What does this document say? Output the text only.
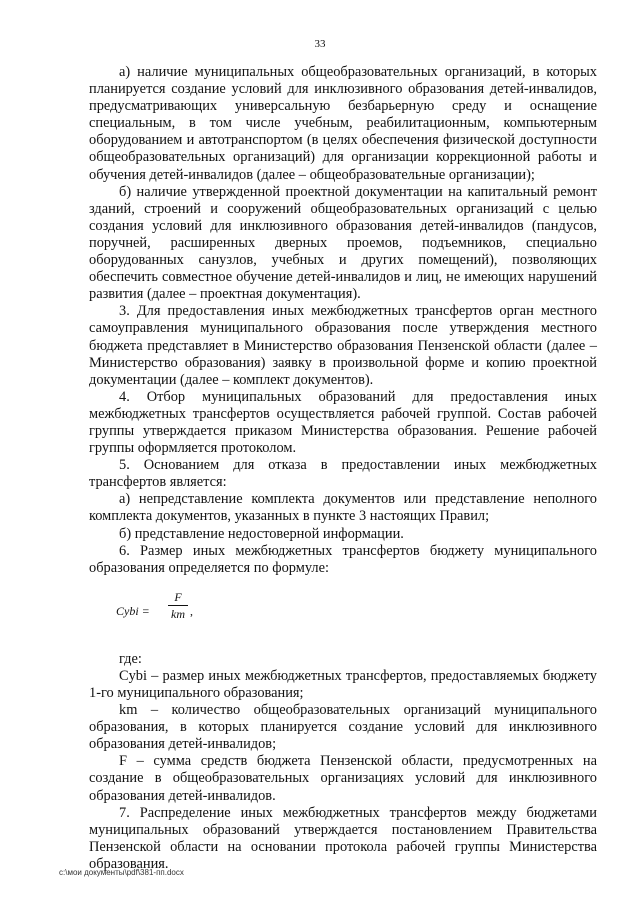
33

а) наличие муниципальных общеобразовательных организаций, в которых планируется создание условий для инклюзивного образования детей-инвалидов, предусматривающих универсальную безбарьерную среду и оснащение специальным, в том числе учебным, реабилитационным, компьютерным оборудованием и автотранспортом (в целях обеспечения физической доступности общеобразовательных организаций) для организации коррекционной работы и обучения детей-инвалидов (далее – общеобразовательные организации);

б) наличие утвержденной проектной документации на капитальный ремонт зданий, строений и сооружений общеобразовательных организаций с целью создания условий для инклюзивного образования детей-инвалидов (пандусов, поручней, расширенных дверных проемов, подъемников, специально оборудованных санузлов, учебных и других помещений), позволяющих обеспечить совместное обучение детей-инвалидов и лиц, не имеющих нарушений развития (далее – проектная документация).

3. Для предоставления иных межбюджетных трансфертов орган местного самоуправления муниципального образования после утверждения местного бюджета представляет в Министерство образования Пензенской области (далее – Министерство образования) заявку в произвольной форме и копию проектной документации (далее – комплект документов).

4. Отбор муниципальных образований для предоставления иных межбюджетных трансфертов осуществляется рабочей группой. Состав рабочей группы утверждается приказом Министерства образования. Решение рабочей группы оформляется протоколом.

5. Основанием для отказа в предоставлении иных межбюджетных трансфертов является:

а) непредставление комплекта документов или представление неполного комплекта документов, указанных в пункте 3 настоящих Правил;

б) представление недостоверной информации.

6. Размер иных межбюджетных трансфертов бюджету муниципального образования определяется по формуле:

Cybi =
F
km ,

где:

Cybi – размер иных межбюджетных трансфертов, предоставляемых бюджету 1-го муниципального образования;

km – количество общеобразовательных организаций муниципального образования, в которых планируется создание условий для инклюзивного образования детей-инвалидов;

F – сумма средств бюджета Пензенской области, предусмотренных на создание в общеобразовательных организациях условий для инклюзивного образования детей-инвалидов.

7. Распределение иных межбюджетных трансфертов между бюджетами муниципальных образований утверждается постановлением Правительства Пензенской области на основании протокола рабочей группы Министерства образования.

c:\мои документы\pdf\381-пп.docx
